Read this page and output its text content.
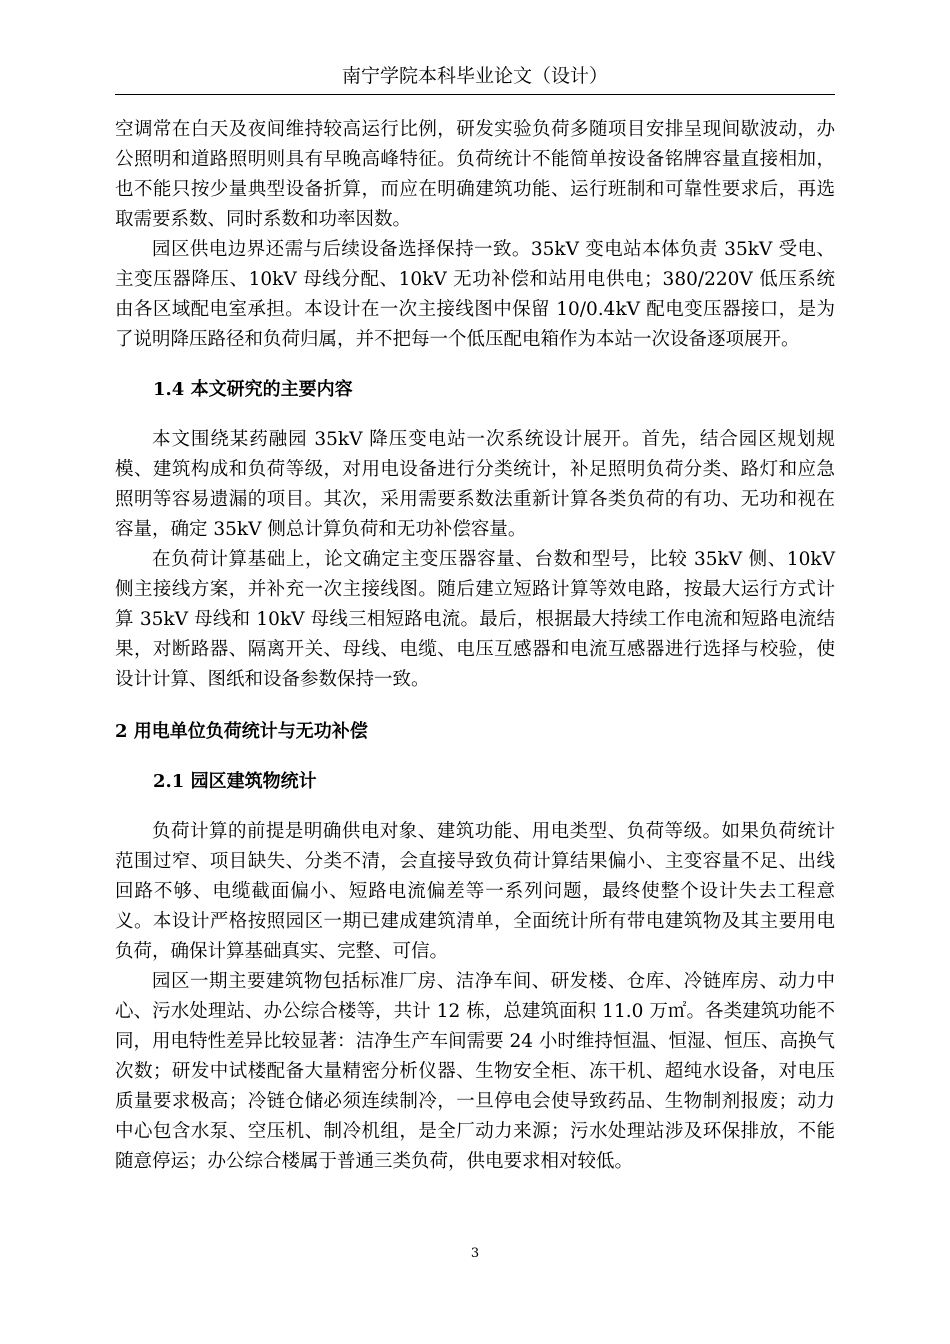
南宁学院本科毕业论文（设计）

空调常在白天及夜间维持较高运行比例，研发实验负荷多随项目安排呈现间歇波动，办公照明和道路照明则具有早晚高峰特征。负荷统计不能简单按设备铭牌容量直接相加，也不能只按少量典型设备折算，而应在明确建筑功能、运行班制和可靠性要求后，再选取需要系数、同时系数和功率因数。

园区供电边界还需与后续设备选择保持一致。35kV 变电站本体负责 35kV 受电、主变压器降压、10kV 母线分配、10kV 无功补偿和站用电供电；380/220V 低压系统由各区域配电室承担。本设计在一次主接线图中保留 10/0.4kV 配电变压器接口，是为了说明降压路径和负荷归属，并不把每一个低压配电箱作为本站一次设备逐项展开。

1.4 本文研究的主要内容

本文围绕某药融园 35kV 降压变电站一次系统设计展开。首先，结合园区规划规模、建筑构成和负荷等级，对用电设备进行分类统计，补足照明负荷分类、路灯和应急照明等容易遗漏的项目。其次，采用需要系数法重新计算各类负荷的有功、无功和视在容量，确定 35kV 侧总计算负荷和无功补偿容量。

在负荷计算基础上，论文确定主变压器容量、台数和型号，比较 35kV 侧、10kV 侧主接线方案，并补充一次主接线图。随后建立短路计算等效电路，按最大运行方式计算 35kV 母线和 10kV 母线三相短路电流。最后，根据最大持续工作电流和短路电流结果，对断路器、隔离开关、母线、电缆、电压互感器和电流互感器进行选择与校验，使设计计算、图纸和设备参数保持一致。

2 用电单位负荷统计与无功补偿
2.1 园区建筑物统计

负荷计算的前提是明确供电对象、建筑功能、用电类型、负荷等级。如果负荷统计范围过窄、项目缺失、分类不清，会直接导致负荷计算结果偏小、主变容量不足、出线回路不够、电缆截面偏小、短路电流偏差等一系列问题，最终使整个设计失去工程意义。本设计严格按照园区一期已建成建筑清单，全面统计所有带电建筑物及其主要用电负荷，确保计算基础真实、完整、可信。

园区一期主要建筑物包括标准厂房、洁净车间、研发楼、仓库、冷链库房、动力中心、污水处理站、办公综合楼等，共计 12 栋，总建筑面积 11.0 万㎡。各类建筑功能不同，用电特性差异比较显著：洁净生产车间需要 24 小时维持恒温、恒湿、恒压、高换气次数；研发中试楼配备大量精密分析仪器、生物安全柜、冻干机、超纯水设备，对电压质量要求极高；冷链仓储必须连续制冷，一旦停电会使导致药品、生物制剂报废；动力中心包含水泵、空压机、制冷机组，是全厂动力来源；污水处理站涉及环保排放，不能随意停运；办公综合楼属于普通三类负荷，供电要求相对较低。

3
